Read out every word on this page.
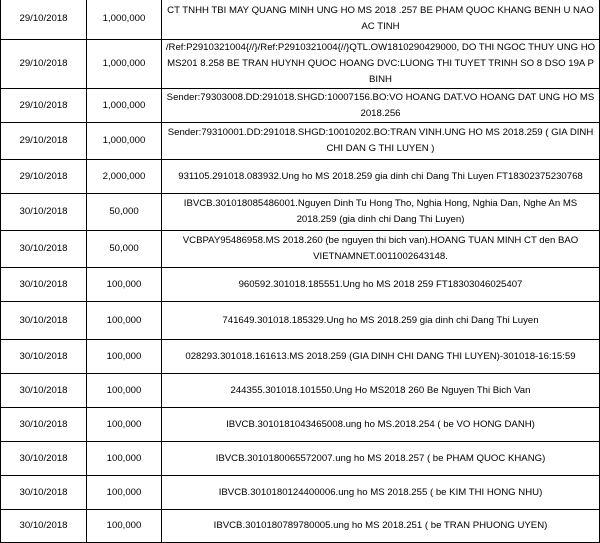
29/10/2018	1,000,000	CT TNHH TBI MAY QUANG MINH UNG HO MS 2018 .257 BE PHAM QUOC KHANG BENH U NAO AC TINH
29/10/2018	1,000,000	/Ref:P2910321004{//}/Ref:P2910321004{//}QTL.OW1810290429000, DO THI NGOC THUY UNG HO MS201 8.258 BE TRAN HUYNH QUOC HOANG DVC:LUONG THI TUYET TRINH SO 8 DSO 19A P BINH
29/10/2018	1,000,000	Sender:79303008.DD:291018.SHGD:10007156.BO:VO HOANG DAT.VO HOANG DAT UNG HO MS 2018.256
29/10/2018	1,000,000	Sender:79310001.DD:291018.SHGD:10010202.BO:TRAN VINH.UNG HO MS 2018.259 ( GIA DINH CHI DAN G THI LUYEN )
29/10/2018	2,000,000	931105.291018.083932.Ung ho MS 2018.259 gia dinh chi Dang Thi Luyen FT18302375230768
30/10/2018	50,000	IBVCB.301018085486001.Nguyen Dinh Tu Hong Tho, Nghia Hong, Nghia Dan, Nghe An MS 2018.259 (gia dinh chi Dang Thi Luyen)
30/10/2018	50,000	VCBPAY95486958.MS 2018.260 (be nguyen thi bich van).HOANG TUAN MINH CT den BAO VIETNAMNET.0011002643148.
30/10/2018	100,000	960592.301018.185551.Ung ho MS 2018 259 FT18303046025407
30/10/2018	100,000	741649.301018.185329.Ung ho MS 2018.259 gia dinh chi Dang Thi Luyen
30/10/2018	100,000	028293.301018.161613.MS 2018.259 (GIA DINH CHI DANG THI LUYEN)-301018-16:15:59
30/10/2018	100,000	244355.301018.101550.Ung Ho MS2018 260 Be Nguyen Thi Bich Van
30/10/2018	100,000	IBVCB.3010181043465008.ung ho MS.2018.254 ( be VO HONG DANH)
30/10/2018	100,000	IBVCB.3010180065572007.ung ho MS 2018.257 ( be PHAM QUOC KHANG)
30/10/2018	100,000	IBVCB.3010180124400006.ung ho MS 2018.255 ( be KIM THI HONG NHU)
30/10/2018	100,000	IBVCB.3010180789780005.ung ho MS 2018.251 ( be TRAN PHUONG UYEN)
